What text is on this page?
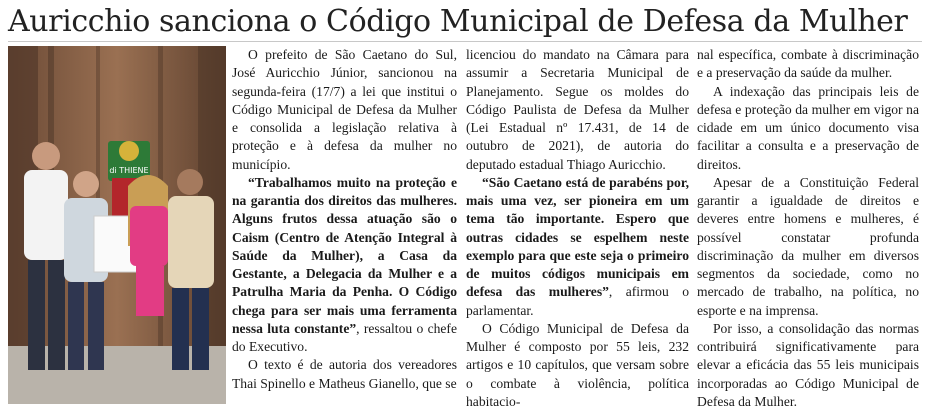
Auricchio sanciona o Código Municipal de Defesa da Mulher
di THIENE

O prefeito de São Caetano do Sul, José Auricchio Júnior, sancionou na segunda-feira (17/7) a lei que institui o Código Municipal de Defesa da Mulher e consolida a legislação relativa à proteção e à defesa da mulher no município.

“Trabalhamos muito na proteção e na garantia dos direitos das mulheres. Alguns frutos dessa atuação são o Caism (Centro de Atenção Integral à Saúde da Mulher), a Casa da Gestante, a Delegacia da Mulher e a Patrulha Maria da Penha. O Código chega para ser mais uma ferramenta nessa luta constante”, ressaltou o chefe do Executivo.

O texto é de autoria dos vereadores Thai Spinello e Matheus Gianello, que se

licenciou do mandato na Câmara para assumir a Secretaria Municipal de Planejamento. Segue os moldes do Código Paulista de Defesa da Mulher (Lei Estadual nº 17.431, de 14 de outubro de 2021), de autoria do deputado estadual Thiago Auricchio.

“São Caetano está de parabéns por, mais uma vez, ser pioneira em um tema tão importante. Espero que outras cidades se espelhem neste exemplo para que este seja o primeiro de muitos códigos municipais em defesa das mulheres”, afirmou o parlamentar.

O Código Municipal de Defesa da Mulher é composto por 55 leis, 232 artigos e 10 capítulos, que versam sobre o combate à violência, política habitacio-

nal específica, combate à discriminação e a preservação da saúde da mulher.

A indexação das principais leis de defesa e proteção da mulher em vigor na cidade em um único documento visa facilitar a consulta e a preservação de direitos.

Apesar de a Constituição Federal garantir a igualdade de direitos e deveres entre homens e mulheres, é possível constatar profunda discriminação da mulher em diversos segmentos da sociedade, como no mercado de trabalho, na política, no esporte e na imprensa.

Por isso, a consolidação das normas contribuirá significativamente para elevar a eficácia das 55 leis municipais incorporadas ao Código Municipal de Defesa da Mulher.
